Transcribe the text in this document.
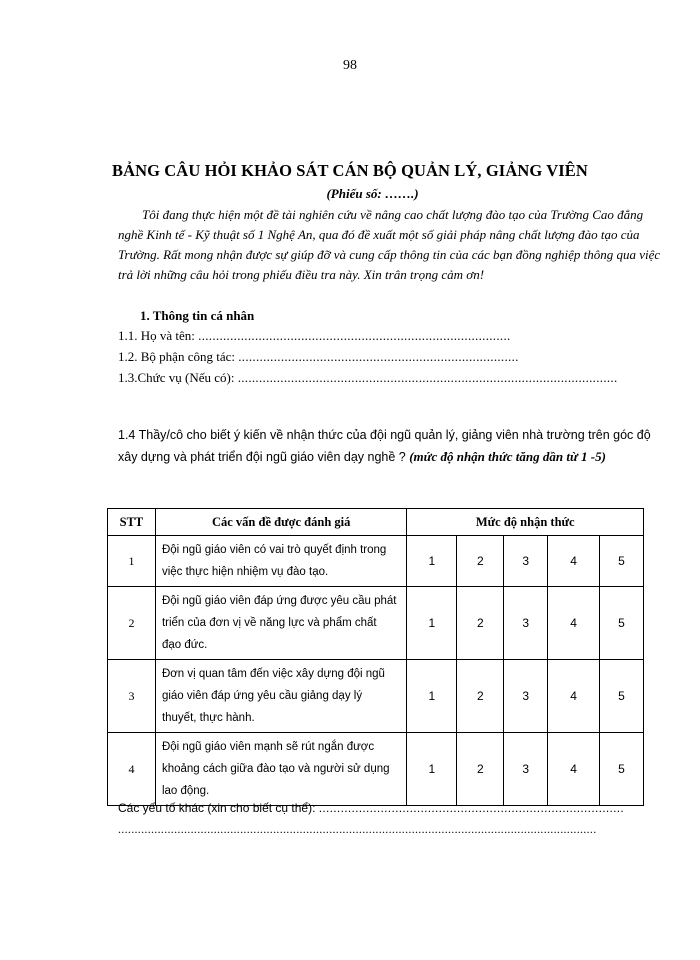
98
BẢNG CÂU HỎI KHẢO SÁT CÁN BỘ QUẢN LÝ, GIẢNG VIÊN
(Phiếu số: …….)

Tôi đang thực hiện một đề tài nghiên cứu về nâng cao chất lượng đào tạo của Trường Cao đẳng nghề Kinh tế - Kỹ thuật số 1 Nghệ An, qua đó đề xuất một số giải pháp nâng chất lượng đào tạo của Trường. Rất mong nhận được sự giúp đỡ và cung cấp thông tin của các bạn đồng nghiệp thông qua việc trả lời những câu hỏi trong phiếu điều tra này. Xin trân trọng cảm ơn!

1. Thông tin cá nhân
1.1. Họ và tên: ........................................................................................
1.2. Bộ phận công tác: ...............................................................................
1.3.Chức vụ (Nếu có): ...........................................................................................................

1.4 Thầy/cô cho biết ý kiến về nhận thức của đội ngũ quản lý, giảng viên nhà trường trên góc độ xây dựng và phát triển đội ngũ giáo viên dạy nghề ? (mức độ nhận thức tăng dần từ 1 -5)

STT	Các vấn đề được đánh giá	Mức độ nhận thức				
1	Đội ngũ giáo viên có vai trò quyết định trong việc thực hiện nhiệm vụ đào tạo.	1	2	3	4	5
2	Đội ngũ giáo viên đáp ứng được yêu cầu phát triển của đơn vị về năng lực và phẩm chất đạo đức.	1	2	3	4	5
3	Đơn vị quan tâm đến việc xây dựng đội ngũ giáo viên đáp ứng yêu cầu giảng dạy lý thuyết, thực hành.	1	2	3	4	5
4	Đội ngũ giáo viên mạnh sẽ rút ngắn được khoảng cách giữa đào tạo và người sử dụng lao động.	1	2	3	4	5
Các yếu tố khác (xin cho biết cụ thể): ....................................................................................
.................................................................................................................................................
